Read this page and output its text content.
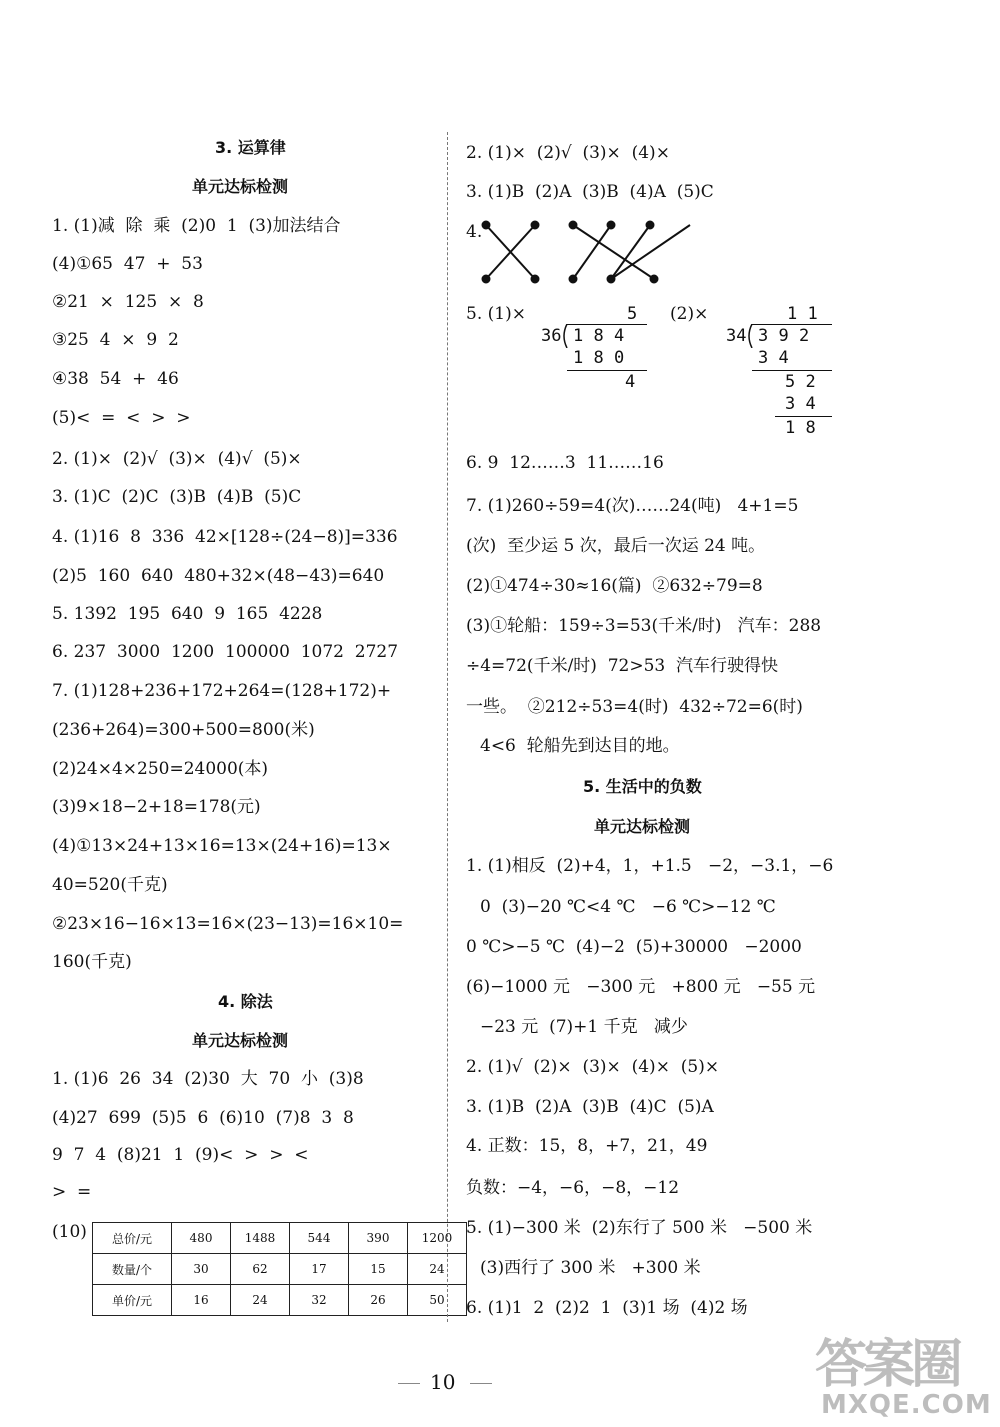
3. 运算律
单元达标检测
1. (1)减  除  乘  (2)0  1  (3)加法结合
(4)①65  47  +  53
②21  ×  125  ×  8
③25  4  ×  9  2
④38  54  +  46
(5)<  =  <  >  >
2. (1)×  (2)√  (3)×  (4)√  (5)×
3. (1)C  (2)C  (3)B  (4)B  (5)C
4. (1)16  8  336  42×[128÷(24−8)]=336
(2)5  160  640  480+32×(48−43)=640
5. 1392  195  640  9  165  4228
6. 237  3000  1200  100000  1072  2727
7. (1)128+236+172+264=(128+172)+
(236+264)=300+500=800(米)
(2)24×4×250=24000(本)
(3)9×18−2+18=178(元)
(4)①13×24+13×16=13×(24+16)=13×
40=520(千克)
②23×16−16×13=16×(23−13)=16×10=
160(千克)
4. 除法
单元达标检测
1. (1)6  26  34  (2)30  大  70  小  (3)8
(4)27  699  (5)5  6  (6)10  (7)8  3  8
9  7  4  (8)21  1  (9)<  >  >  <
>  =
(10) 总价/元	480	1488	544	390	1200
数量/个	30	62	17	15	24
单价/元	16	24	32	26	50
2. (1)×  (2)√  (3)×  (4)×
3. (1)B  (2)A  (3)B  (4)A  (5)C
4.
5. (1)×	(2)×
5
36 1 8 4
1 8 0
4
1 1
34 3 9 2
3 4
5 2
3 4
1 8
6. 9  12……3  11……16
7. (1)260÷59=4(次)……24(吨)   4+1=5
(次)  至少运 5 次，最后一次运 24 吨。
(2)①474÷30≈16(篇)  ②632÷79=8
(3)①轮船：159÷3=53(千米/时)   汽车：288
÷4=72(千米/时)  72>53  汽车行驶得快
一些。  ②212÷53=4(时)  432÷72=6(时)
4<6  轮船先到达目的地。
5. 生活中的负数
单元达标检测
1. (1)相反  (2)+4，1，+1.5   −2，−3.1，−6
0  (3)−20 ℃<4 ℃   −6 ℃>−12 ℃
0 ℃>−5 ℃  (4)−2  (5)+30000   −2000
(6)−1000 元   −300 元   +800 元   −55 元
−23 元  (7)+1 千克   减少
2. (1)√  (2)×  (3)×  (4)×  (5)×
3. (1)B  (2)A  (3)B  (4)C  (5)A
4. 正数：15，8，+7，21，49
负数：−4，−6，−8，−12
5. (1)−300 米  (2)东行了 500 米   −500 米
(3)西行了 300 米   +300 米
6. (1)1  2  (2)2  1  (3)1 场  (4)2 场
10	答案圈
MXQE.COM
